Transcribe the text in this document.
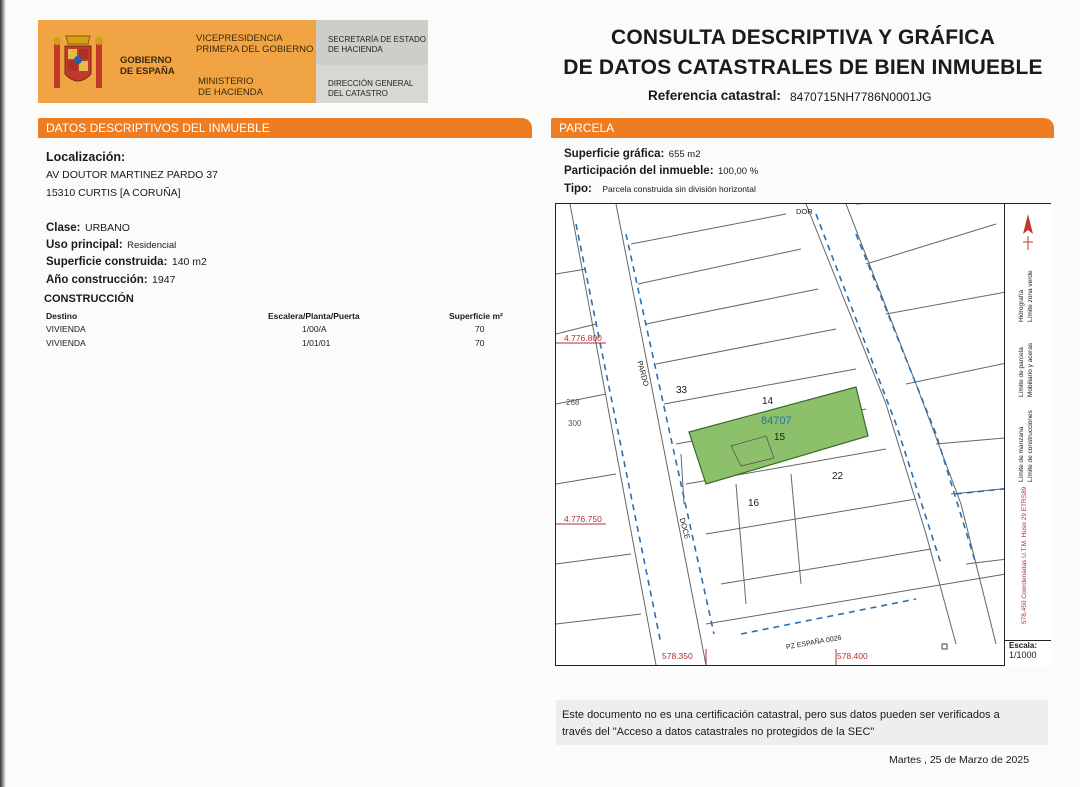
GOBIERNO
DE ESPAÑA
VICEPRESIDENCIA
PRIMERA DEL GOBIERNO
MINISTERIO
DE HACIENDA
SECRETARÍA DE ESTADO
DE HACIENDA
DIRECCIÓN GENERAL
DEL CATASTRO
CONSULTA DESCRIPTIVA Y GRÁFICA
DE DATOS CATASTRALES DE BIEN INMUEBLE
Referencia catastral: 8470715NH7786N0001JG
DATOS DESCRIPTIVOS DEL INMUEBLE
Localización:
AV DOUTOR MARTINEZ PARDO 37
15310 CURTIS [A CORUÑA]
Clase: URBANO
Uso principal: Residencial
Superficie construida: 140 m2
Año construcción: 1947
CONSTRUCCIÓN
Destino	Escalera/Planta/Puerta	Superficie m²
VIVIENDA	1/00/A	70
VIVIENDA	1/01/01	70
PARCELA
Superficie gráfica: 655 m2
Participación del inmueble: 100,00 %
Tipo: Parcela construida sin división horizontal
4.776.800
4.776.750
578.350	578.400
84707
14
15
16
22
33
PARDO
DOCE
DOR
PZ ESPAÑA 0026
268
300
Límite zona verde
Hidrografía
Mobiliario y aceras
Límite de parcela
Límite de construcciones
Límite de manzana
578,450 Coordenadas U.T.M. Huso 29 ETRS89
Escala:
1/1000
Este documento no es una certificación catastral, pero sus datos pueden ser verificados a
través del "Acceso a datos catastrales no protegidos de la SEC"
Martes , 25 de Marzo de 2025
